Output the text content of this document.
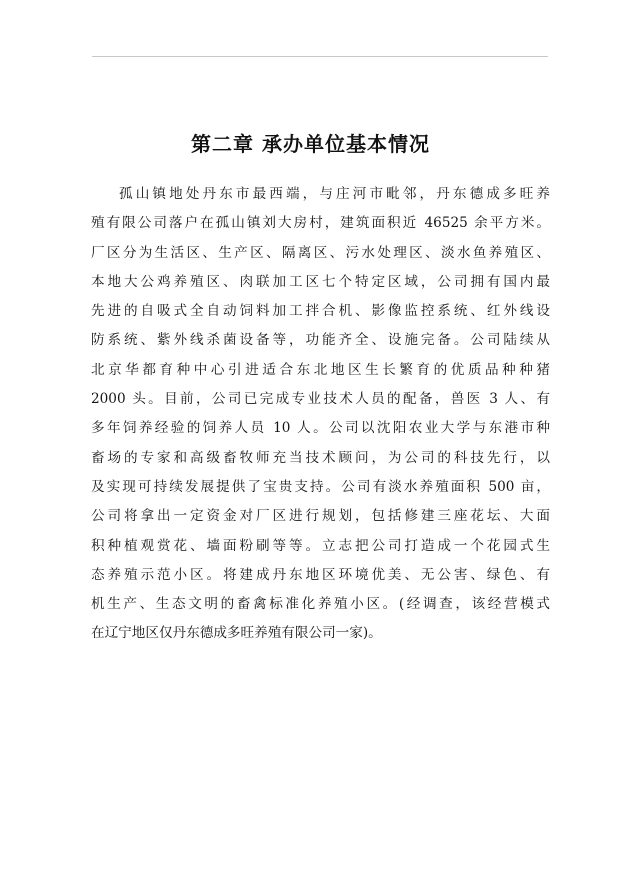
第二章 承办单位基本情况
孤山镇地处丹东市最西端，与庄河市毗邻，丹东德成多旺养
殖有限公司落户在孤山镇刘大房村，建筑面积近 46525 余平方米。
厂区分为生活区、生产区、隔离区、污水处理区、淡水鱼养殖区、
本地大公鸡养殖区、肉联加工区七个特定区域，公司拥有国内最
先进的自吸式全自动饲料加工拌合机、影像监控系统、红外线设
防系统、紫外线杀菌设备等，功能齐全、设施完备。公司陆续从
北京华都育种中心引进适合东北地区生长繁育的优质品种种猪
2000 头。目前，公司已完成专业技术人员的配备，兽医 3 人、有
多年饲养经验的饲养人员 10 人。公司以沈阳农业大学与东港市种
畜场的专家和高级畜牧师充当技术顾问，为公司的科技先行，以
及实现可持续发展提供了宝贵支持。公司有淡水养殖面积 500 亩，
公司将拿出一定资金对厂区进行规划，包括修建三座花坛、大面
积种植观赏花、墙面粉刷等等。立志把公司打造成一个花园式生
态养殖示范小区。将建成丹东地区环境优美、无公害、绿色、有
机生产、生态文明的畜禽标准化养殖小区。(经调查，该经营模式
在辽宁地区仅丹东德成多旺养殖有限公司一家)。
